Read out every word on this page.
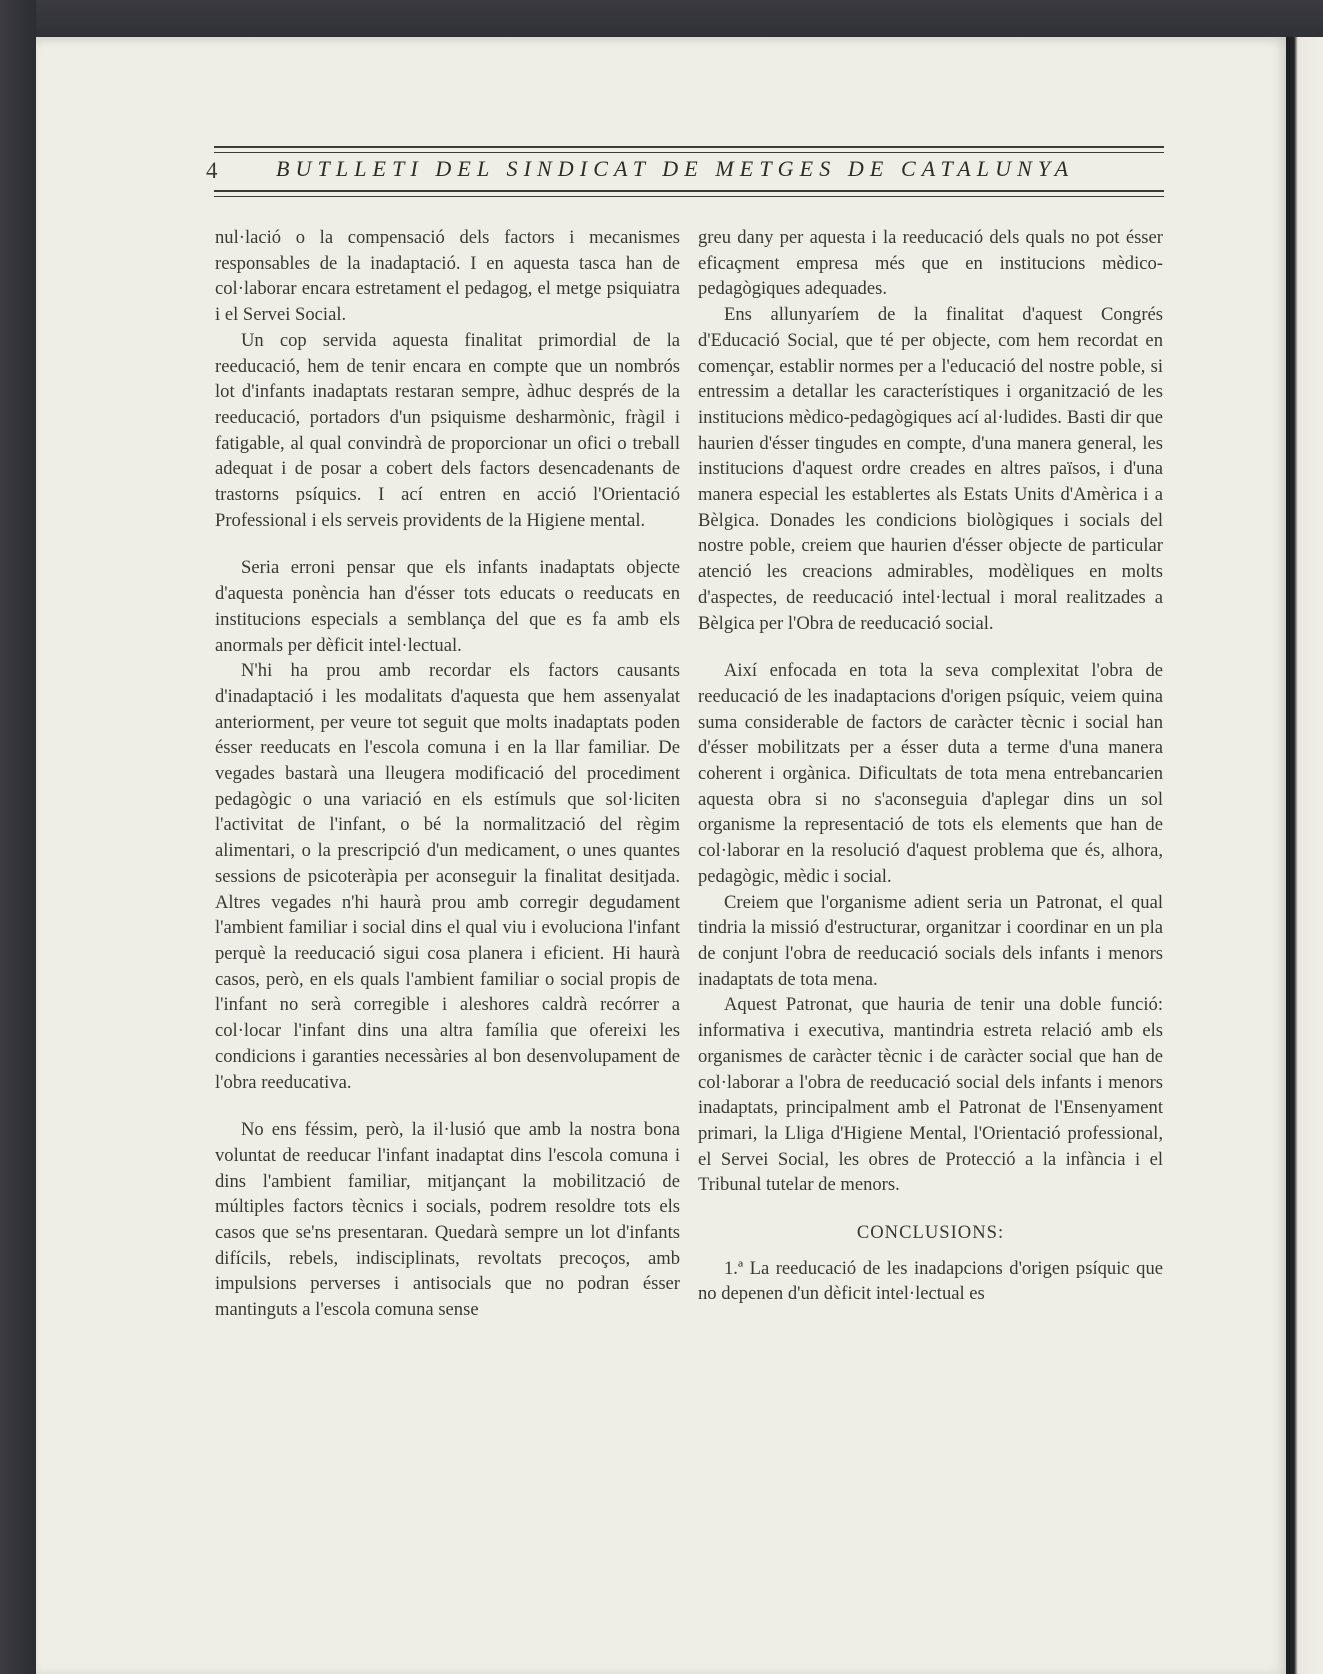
4	BUTLLETI DEL SINDICAT DE METGES DE CATALUNYA

nul·lació o la compensació dels factors i mecanismes responsables de la inadaptació. I en aquesta tasca han de col·laborar encara estretament el pedagog, el metge psiquiatra i el Servei Social.

Un cop servida aquesta finalitat primordial de la reeducació, hem de tenir encara en compte que un nombrós lot d'infants inadaptats restaran sempre, àdhuc després de la reeducació, portadors d'un psiquisme desharmònic, fràgil i fatigable, al qual convindrà de proporcionar un ofici o treball adequat i de posar a cobert dels factors desencadenants de trastorns psíquics. I ací entren en acció l'Orientació Professional i els serveis providents de la Higiene mental.

Seria erroni pensar que els infants inadaptats objecte d'aquesta ponència han d'ésser tots educats o reeducats en institucions especials a semblança del que es fa amb els anormals per dèficit intel·lectual.

N'hi ha prou amb recordar els factors causants d'inadaptació i les modalitats d'aquesta que hem assenyalat anteriorment, per veure tot seguit que molts inadaptats poden ésser reeducats en l'escola comuna i en la llar familiar. De vegades bastarà una lleugera modificació del procediment pedagògic o una variació en els estímuls que sol·liciten l'activitat de l'infant, o bé la normalització del règim alimentari, o la prescripció d'un medicament, o unes quantes sessions de psicoteràpia per aconseguir la finalitat desitjada. Altres vegades n'hi haurà prou amb corregir degudament l'ambient familiar i social dins el qual viu i evoluciona l'infant perquè la reeducació sigui cosa planera i eficient. Hi haurà casos, però, en els quals l'ambient familiar o social propis de l'infant no serà corregible i aleshores caldrà recórrer a col·locar l'infant dins una altra família que ofereixi les condicions i garanties necessàries al bon desenvolupament de l'obra reeducativa.

No ens féssim, però, la il·lusió que amb la nostra bona voluntat de reeducar l'infant inadaptat dins l'escola comuna i dins l'ambient familiar, mitjançant la mobilització de múltiples factors tècnics i socials, podrem resoldre tots els casos que se'ns presentaran. Quedarà sempre un lot d'infants difícils, rebels, indisciplinats, revoltats precoços, amb impulsions perverses i antisocials que no podran ésser mantinguts a l'escola comuna sense

greu dany per aquesta i la reeducació dels quals no pot ésser eficaçment empresa més que en institucions mèdico-pedagògiques adequades.

Ens allunyaríem de la finalitat d'aquest Congrés d'Educació Social, que té per objecte, com hem recordat en començar, establir normes per a l'educació del nostre poble, si entressim a detallar les característiques i organització de les institucions mèdico-pedagògiques ací al·ludides. Basti dir que haurien d'ésser tingudes en compte, d'una manera general, les institucions d'aquest ordre creades en altres països, i d'una manera especial les establertes als Estats Units d'Amèrica i a Bèlgica. Donades les condicions biològiques i socials del nostre poble, creiem que haurien d'ésser objecte de particular atenció les creacions admirables, modèliques en molts d'aspectes, de reeducació intel·lectual i moral realitzades a Bèlgica per l'Obra de reeducació social.

Així enfocada en tota la seva complexitat l'obra de reeducació de les inadaptacions d'origen psíquic, veiem quina suma considerable de factors de caràcter tècnic i social han d'ésser mobilitzats per a ésser duta a terme d'una manera coherent i orgànica. Dificultats de tota mena entrebancarien aquesta obra si no s'aconseguia d'aplegar dins un sol organisme la representació de tots els elements que han de col·laborar en la resolució d'aquest problema que és, alhora, pedagògic, mèdic i social.

Creiem que l'organisme adient seria un Patronat, el qual tindria la missió d'estructurar, organitzar i coordinar en un pla de conjunt l'obra de reeducació socials dels infants i menors inadaptats de tota mena.

Aquest Patronat, que hauria de tenir una doble funció: informativa i executiva, mantindria estreta relació amb els organismes de caràcter tècnic i de caràcter social que han de col·laborar a l'obra de reeducació social dels infants i menors inadaptats, principalment amb el Patronat de l'Ensenyament primari, la Lliga d'Higiene Mental, l'Orientació professional, el Servei Social, les obres de Protecció a la infància i el Tribunal tutelar de menors.

CONCLUSIONS:

1.ª La reeducació de les inadapcions d'origen psíquic que no depenen d'un dèficit intel·lectual es
